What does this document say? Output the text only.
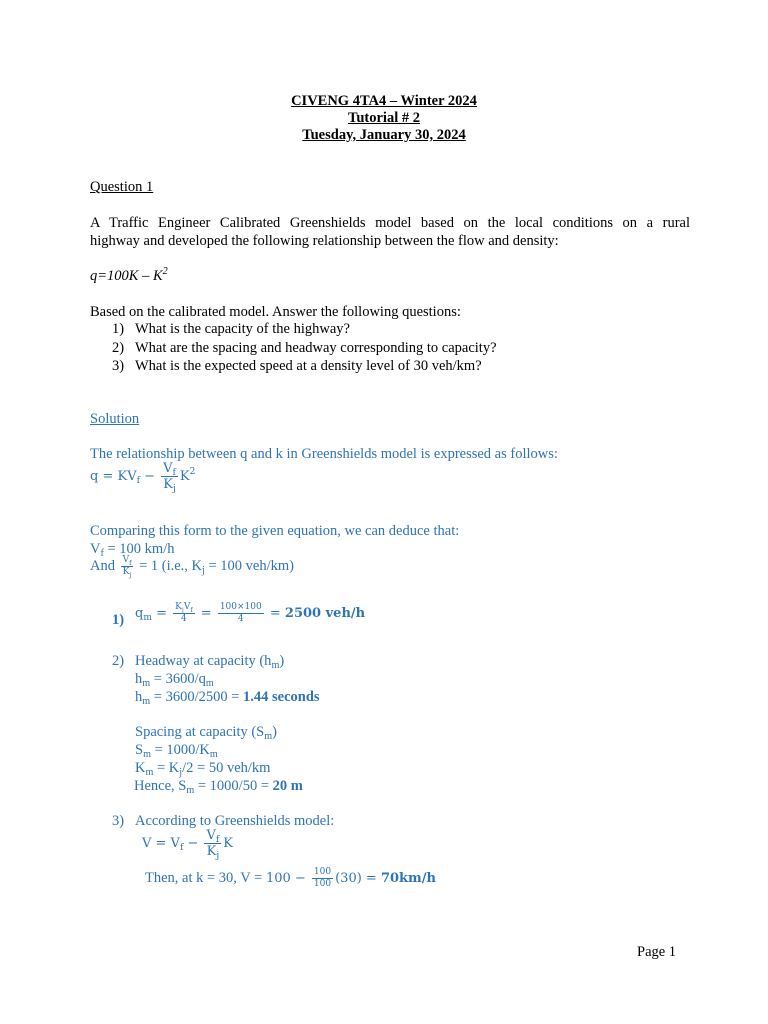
CIVENG 4TA4 – Winter 2024
Tutorial # 2
Tuesday, January 30, 2024
Question 1
A Traffic Engineer Calibrated Greenshields model based on the local conditions on a rural
highway and developed the following relationship between the flow and density:
$q=100K - K^2$
Based on the calibrated model. Answer the following questions:
1) What is the capacity of the highway?
2) What are the spacing and headway corresponding to capacity?
3) What is the expected speed at a density level of 30 veh/km?
Solution
The relationship between q and k in Greenshields model is expressed as follows:
$q = KV_f - \frac{V_f}{K_j} K^2$
Comparing this form to the given equation, we can deduce that:
$V_f = 100$ km/h
And $\frac{V_f}{K_j} = 1$ (i.e., $K_j = 100$ veh/km)
1) $q_m = \frac{K_jV_f}{4} = \frac{100\times 100}{4} = 2500$ veh/h
2) Headway at capacity $(h_m)$
$h_m = 3600/q_m$
$h_m = 3600/2500 = 1.44$ seconds
Spacing at capacity $(S_m)$
$S_m = 1000/K_m$
$K_m = K_j/2 = 50$ veh/km
Hence, $S_m = 1000/50 = 20$ m
3) According to Greenshields model:
$V = V_f - \frac{V_f}{K_j}$ K
Then, at k = 30, $V = 100 - \frac{100}{100} (30) = 70km/h$
Page 1
